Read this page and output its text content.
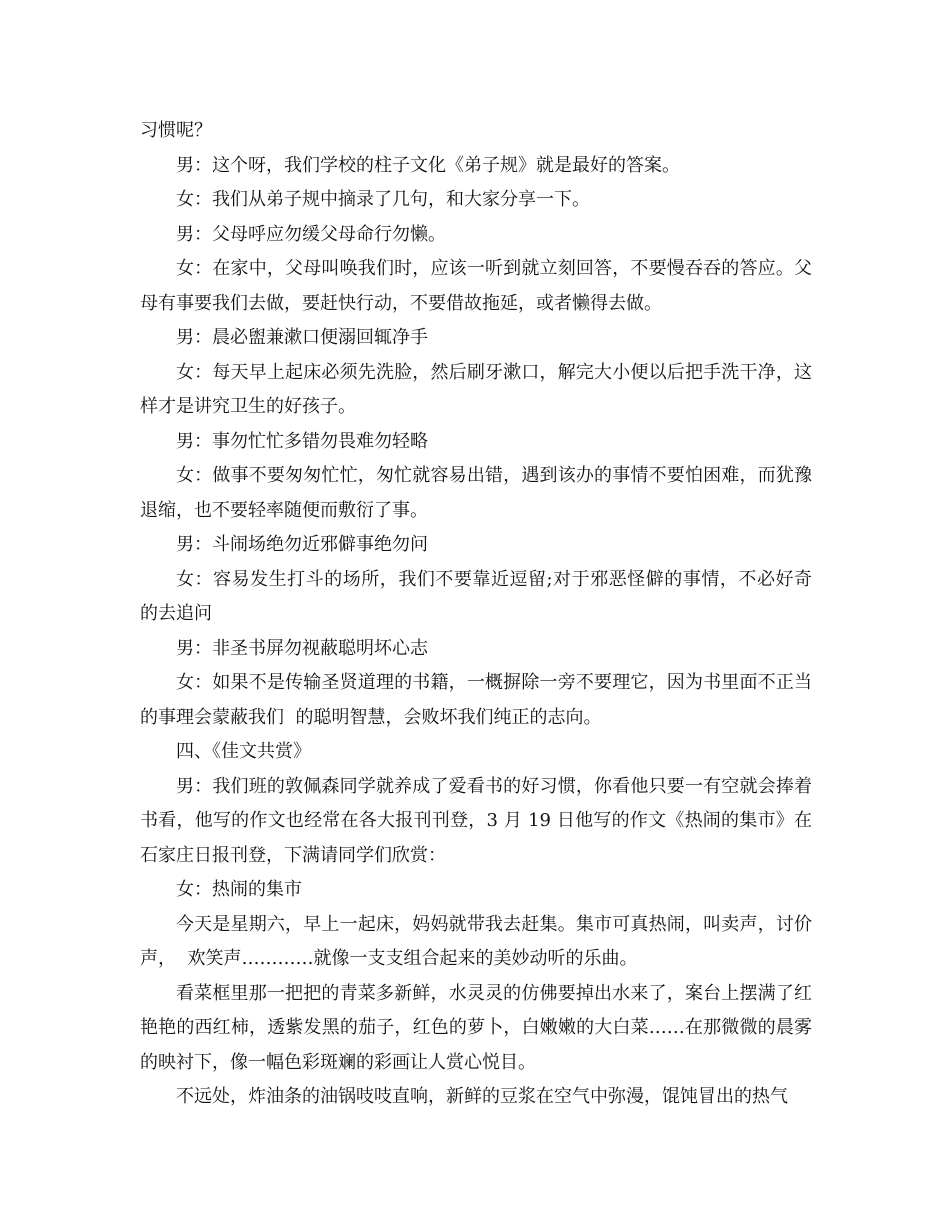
习惯呢？

男：这个呀，我们学校的柱子文化《弟子规》就是最好的答案。

女：我们从弟子规中摘录了几句，和大家分享一下。

男：父母呼应勿缓父母命行勿懒。

女：在家中，父母叫唤我们时，应该一听到就立刻回答，不要慢吞吞的答应。父母有事要我们去做，要赶快行动，不要借故拖延，或者懒得去做。

男：晨必盥兼漱口便溺回辄净手

女：每天早上起床必须先洗脸，然后刷牙漱口，解完大小便以后把手洗干净，这样才是讲究卫生的好孩子。

男：事勿忙忙多错勿畏难勿轻略

女：做事不要匆匆忙忙，匆忙就容易出错，遇到该办的事情不要怕困难，而犹豫  退缩，也不要轻率随便而敷衍了事。

男：斗闹场绝勿近邪僻事绝勿问

女：容易发生打斗的场所，我们不要靠近逗留;对于邪恶怪僻的事情，不必好奇的去追问

男：非圣书屏勿视蔽聪明坏心志

女：如果不是传输圣贤道理的书籍，一概摒除一旁不要理它，因为书里面不正当的事理会蒙蔽我们  的聪明智慧，会败坏我们纯正的志向。

四、《佳文共赏》

男：我们班的敦佩森同学就养成了爱看书的好习惯，你看他只要一有空就会捧着书看，他写的作文也经常在各大报刊刊登，3 月 19 日他写的作文《热闹的集市》在石家庄日报刊登，下满请同学们欣赏：

女：热闹的集市

今天是星期六，早上一起床，妈妈就带我去赶集。集市可真热闹，叫卖声，讨价声，  欢笑声…………就像一支支组合起来的美妙动听的乐曲。

看菜框里那一把把的青菜多新鲜，水灵灵的仿佛要掉出水来了，案台上摆满了红艳艳的西红柿，透紫发黑的茄子，红色的萝卜，白嫩嫩的大白菜……在那微微的晨雾的映衬下，像一幅色彩斑斓的彩画让人赏心悦目。

不远处，炸油条的油锅吱吱直响，新鲜的豆浆在空气中弥漫，馄饨冒出的热气
